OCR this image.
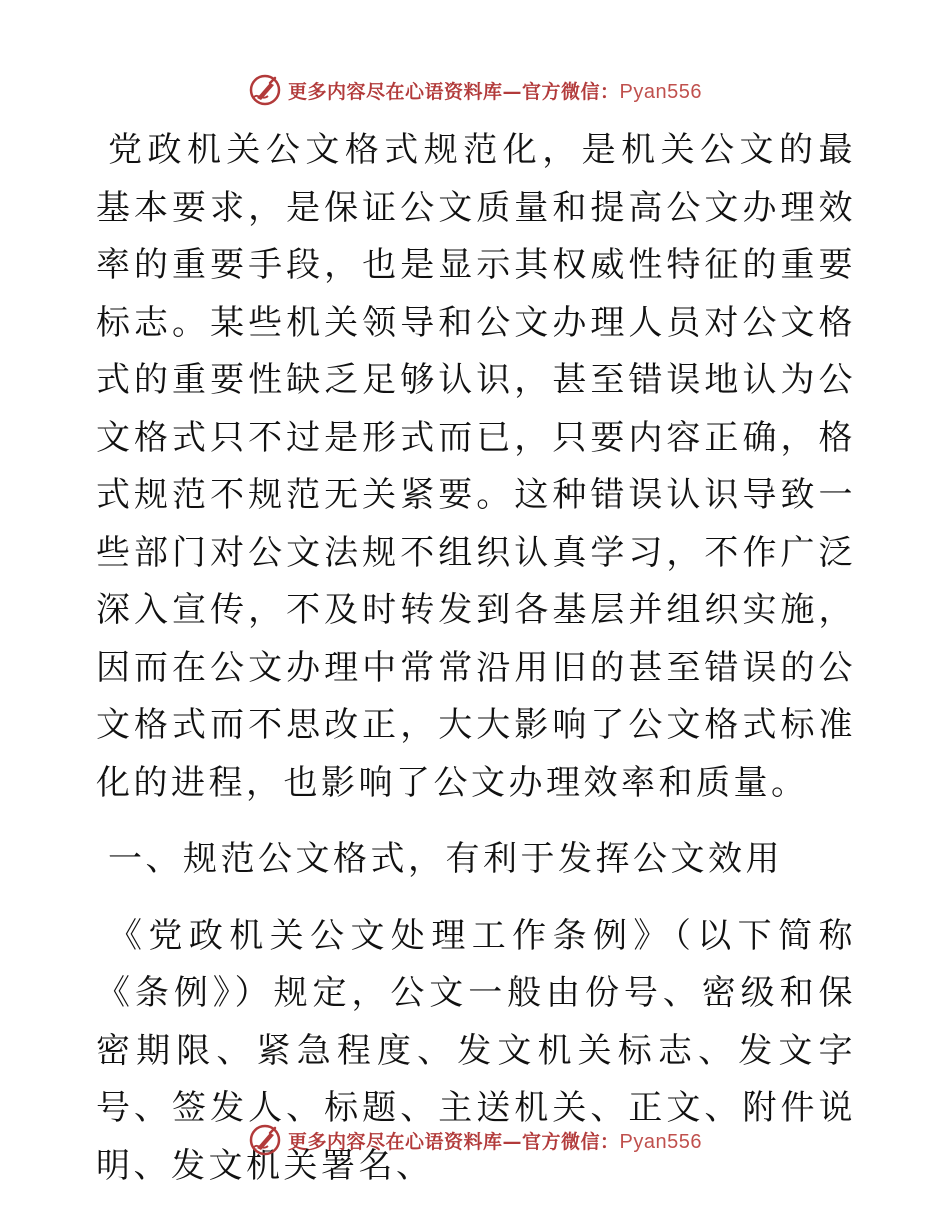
更多内容尽在心语资料库—官方微信：Pyan556

党政机关公文格式规范化，是机关公文的最基本要求，是保证公文质量和提高公文办理效率的重要手段，也是显示其权威性特征的重要标志。某些机关领导和公文办理人员对公文格式的重要性缺乏足够认识，甚至错误地认为公文格式只不过是形式而已，只要内容正确，格式规范不规范无关紧要。这种错误认识导致一些部门对公文法规不组织认真学习，不作广泛深入宣传，不及时转发到各基层并组织实施，因而在公文办理中常常沿用旧的甚至错误的公文格式而不思改正，大大影响了公文格式标准化的进程，也影响了公文办理效率和质量。

一、规范公文格式，有利于发挥公文效用

《党政机关公文处理工作条例》（以下简称《条例》）规定，公文一般由份号、密级和保密期限、紧急程度、发文机关标志、发文字号、签发人、标题、主送机关、正文、附件说明、发文机关署名、

更多内容尽在心语资料库—官方微信：Pyan556
